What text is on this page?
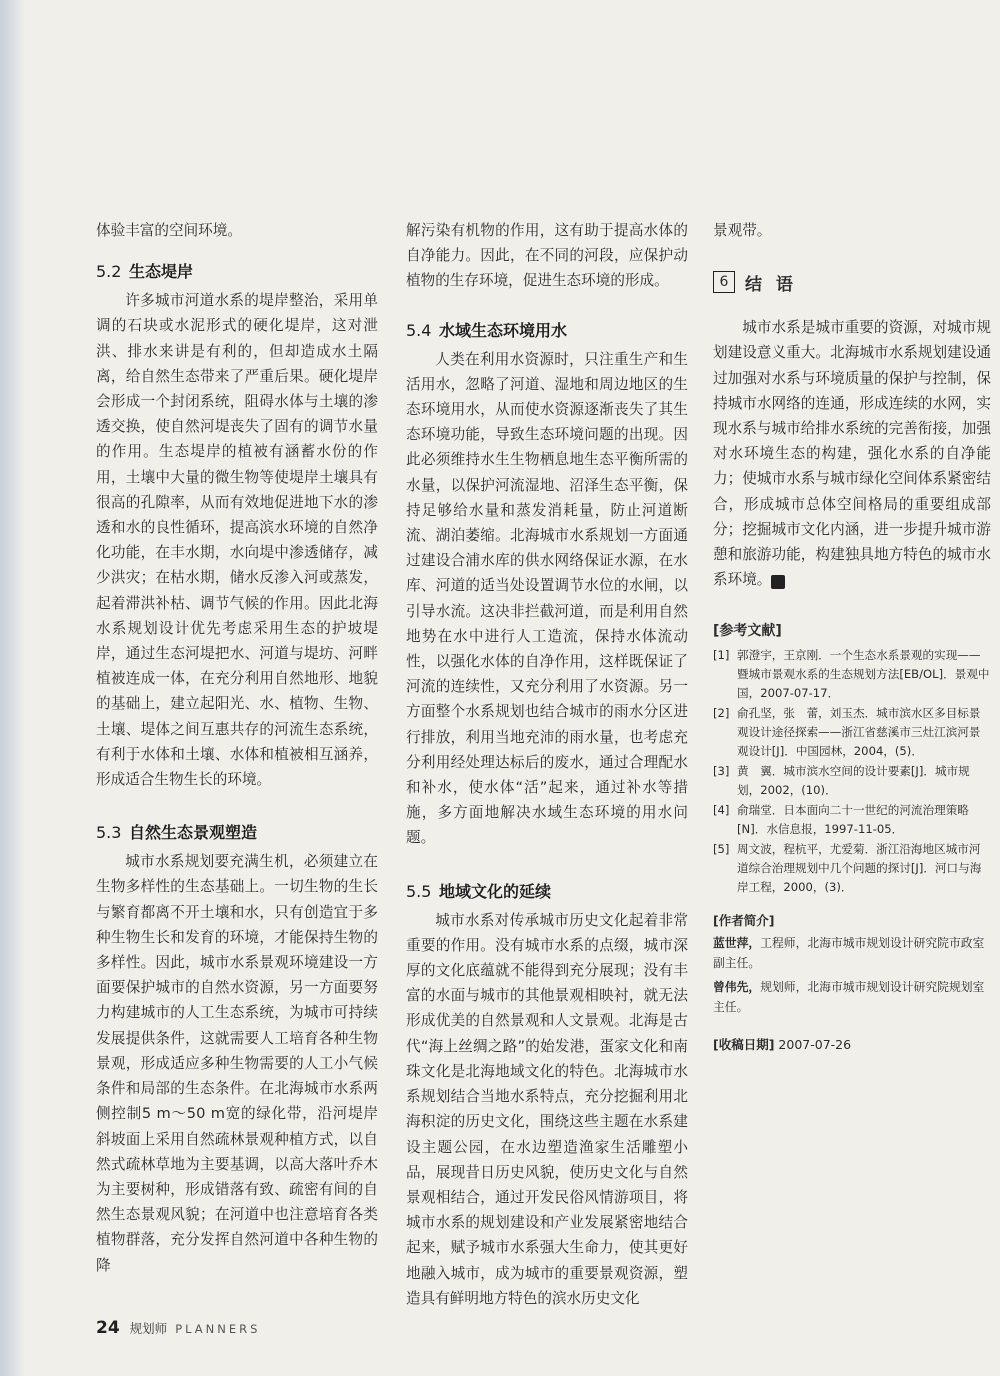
体验丰富的空间环境。

5.2 生态堤岸

许多城市河道水系的堤岸整治，采用单调的石块或水泥形式的硬化堤岸，这对泄洪、排水来讲是有利的，但却造成水土隔离，给自然生态带来了严重后果。硬化堤岸会形成一个封闭系统，阻碍水体与土壤的渗透交换，使自然河堤丧失了固有的调节水量的作用。生态堤岸的植被有涵蓄水份的作用，土壤中大量的微生物等使堤岸土壤具有很高的孔隙率，从而有效地促进地下水的渗透和水的良性循环，提高滨水环境的自然净化功能，在丰水期，水向堤中渗透储存，减少洪灾；在枯水期，储水反渗入河或蒸发，起着滞洪补枯、调节气候的作用。因此北海水系规划设计优先考虑采用生态的护坡堤岸，通过生态河堤把水、河道与堤坊、河畔植被连成一体，在充分利用自然地形、地貌的基础上，建立起阳光、水、植物、生物、土壤、堤体之间互惠共存的河流生态系统，有利于水体和土壤、水体和植被相互涵养，形成适合生物生长的环境。

5.3 自然生态景观塑造

城市水系规划要充满生机，必须建立在生物多样性的生态基础上。一切生物的生长与繁育都离不开土壤和水，只有创造宜于多种生物生长和发育的环境，才能保持生物的多样性。因此，城市水系景观环境建设一方面要保护城市的自然水资源，另一方面要努力构建城市的人工生态系统，为城市可持续发展提供条件，这就需要人工培育各种生物景观，形成适应多种生物需要的人工小气候条件和局部的生态条件。在北海城市水系两侧控制5 m～50 m宽的绿化带，沿河堤岸斜坡面上采用自然疏林景观种植方式，以自然式疏林草地为主要基调，以高大落叶乔木为主要树种，形成错落有致、疏密有间的自然生态景观风貌；在河道中也注意培育各类植物群落，充分发挥自然河道中各种生物的降

解污染有机物的作用，这有助于提高水体的自净能力。因此，在不同的河段，应保护动植物的生存环境，促进生态环境的形成。

5.4 水域生态环境用水

人类在利用水资源时，只注重生产和生活用水，忽略了河道、湿地和周边地区的生态环境用水，从而使水资源逐渐丧失了其生态环境功能，导致生态环境问题的出现。因此必须维持水生生物栖息地生态平衡所需的水量，以保护河流湿地、沼泽生态平衡，保持足够给水量和蒸发消耗量，防止河道断流、湖泊萎缩。北海城市水系规划一方面通过建设合浦水库的供水网络保证水源，在水库、河道的适当处设置调节水位的水闸，以引导水流。这决非拦截河道，而是利用自然地势在水中进行人工造流，保持水体流动性，以强化水体的自净作用，这样既保证了河流的连续性，又充分利用了水资源。另一方面整个水系规划也结合城市的雨水分区进行排放，利用当地充沛的雨水量，也考虑充分利用经处理达标后的废水，通过合理配水和补水，使水体“活”起来，通过补水等措施，多方面地解决水域生态环境的用水问题。

5.5 地域文化的延续

城市水系对传承城市历史文化起着非常重要的作用。没有城市水系的点缀，城市深厚的文化底蕴就不能得到充分展现；没有丰富的水面与城市的其他景观相映衬，就无法形成优美的自然景观和人文景观。北海是古代“海上丝绸之路”的始发港，蛋家文化和南珠文化是北海地域文化的特色。北海城市水系规划结合当地水系特点，充分挖掘利用北海积淀的历史文化，围绕这些主题在水系建设主题公园，在水边塑造渔家生活雕塑小品，展现昔日历史风貌，使历史文化与自然景观相结合，通过开发民俗风情游项目，将城市水系的规划建设和产业发展紧密地结合起来，赋予城市水系强大生命力，使其更好地融入城市，成为城市的重要景观资源，塑造具有鲜明地方特色的滨水历史文化

景观带。

6 结 语

城市水系是城市重要的资源，对城市规划建设意义重大。北海城市水系规划建设通过加强对水系与环境质量的保护与控制，保持城市水网络的连通，形成连续的水网，实现水系与城市给排水系统的完善衔接，加强对水环境生态的构建，强化水系的自净能力；使城市水系与城市绿化空间体系紧密结合，形成城市总体空间格局的重要组成部分；挖掘城市文化内涵，进一步提升城市游憩和旅游功能，构建独具地方特色的城市水系环境。	e

[参考文献]
[1] 郭澄宇，王京刚．一个生态水系景观的实现——暨城市景观水系的生态规划方法[EB/OL]．景观中国，2007-07-17．
[2] 俞孔坚，张　蕾，刘玉杰．城市滨水区多目标景观设计途径探索——浙江省慈溪市三灶江滨河景观设计[J]．中国园林，2004，(5)．
[3] 黄　翼．城市滨水空间的设计要素[J]．城市规划，2002，(10)．
[4] 俞瑞堂．日本面向二十一世纪的河流治理策略[N]．水信息报，1997-11-05．
[5] 周文波，程杭平，尤爱菊．浙江沿海地区城市河道综合治理规划中几个问题的探讨[J]．河口与海岸工程，2000，(3)．
[作者简介]

蓝世萍，工程师，北海市城市规划设计研究院市政室副主任。

曾伟先，规划师，北海市城市规划设计研究院规划室主任。

[收稿日期] 2007-07-26
24 规划师 PLANNERS
